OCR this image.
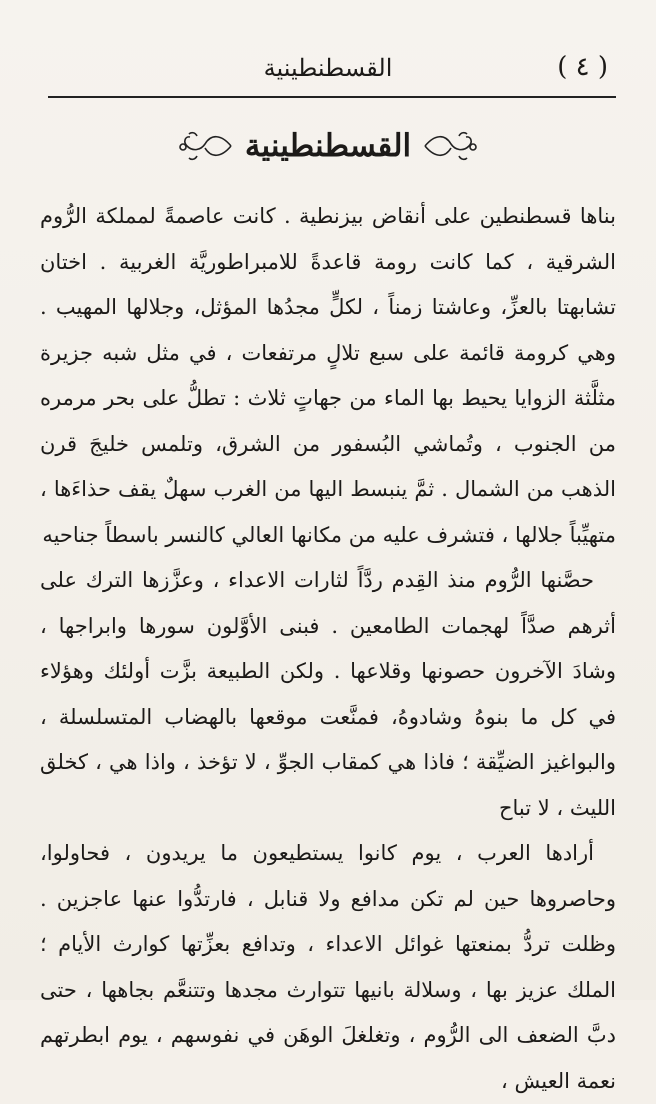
( ٤ )
القسطنطينية
القسطنطينية

بناها قسطنطين على أنقاض بيزنطية . كانت عاصمةً لمملكة الرُّوم الشرقية ، كما كانت رومة قاعدةً للامبراطوريَّة الغربية . اختان تشابهتا بالعزِّ، وعاشتا زمناً ، لكلٍّ مجدُها المؤثل، وجلالها المهيب . وهي كرومة قائمة على سبع تلالٍ مرتفعات ، في مثل شبه جزيرة مثلَّثة الزوايا يحيط بها الماء من جهاتٍ ثلاث : تطلُّ على بحر مرمره من الجنوب ، وتُماشي البُسفور من الشرق، وتلمس خليجَ قرن الذهب من الشمال . ثمَّ ينبسط اليها من الغرب سهلٌ يقف حذاءَها ، متهيِّباً جلالها ، فتشرف عليه من مكانها العالي كالنسر باسطاً جناحيه

حصَّنها الرُّوم منذ القِدم ردَّاً لثارات الاعداء ، وعزَّزها الترك على أثرهم صدَّاً لهجمات الطامعين . فبنى الأوَّلون سورها وابراجها ، وشادَ الآخرون حصونها وقلاعها . ولكن الطبيعة بزَّت أولئك وهؤلاء في كل ما بنوهُ وشادوهُ، فمنَّعت موقعها بالهضاب المتسلسلة ، والبواغيز الضيِّقة ؛ فاذا هي كمقاب الجوِّ ، لا تؤخذ ، واذا هي ، كخلق الليث ، لا تباح

أرادها العرب ، يوم كانوا يستطيعون ما يريدون ، فحاولوا، وحاصروها حين لم تكن مدافع ولا قنابل ، فارتدُّوا عنها عاجزين . وظلت تردُّ بمنعتها غوائل الاعداء ، وتدافع بعزِّتها كوارث الأيام ؛ الملك عزيز بها ، وسلالة بانيها تتوارث مجدها وتتنعَّم بجاهها ، حتى دبَّ الضعف الى الرُّوم ، وتغلغلَ الوهَن في نفوسهم ، يوم ابطرتهم نعمة العيش ،
